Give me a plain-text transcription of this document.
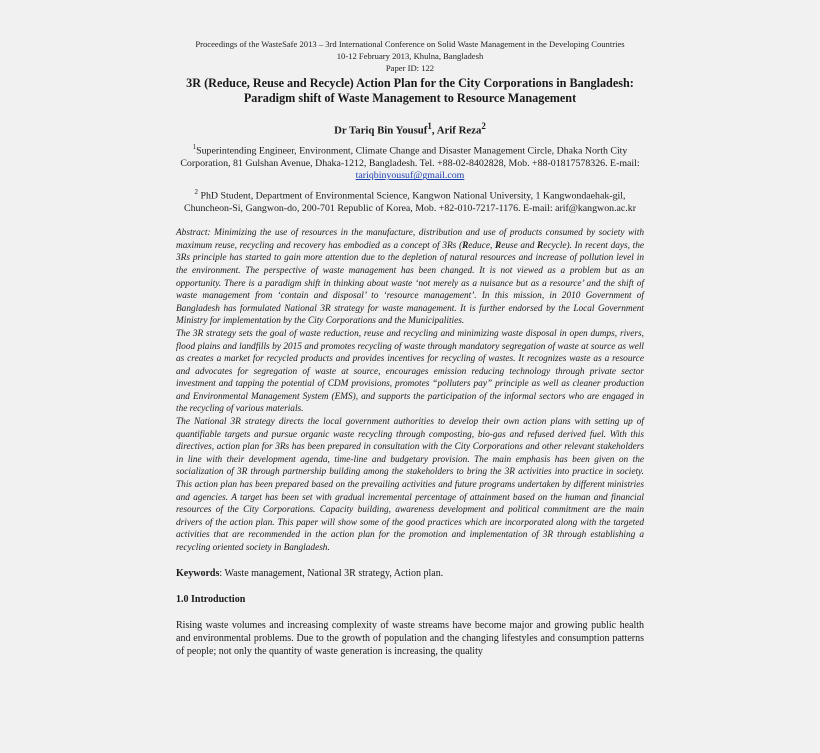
Proceedings of the WasteSafe 2013 – 3rd International Conference on Solid Waste Management in the Developing Countries
10-12 February 2013, Khulna, Bangladesh
Paper ID: 122
3R (Reduce, Reuse and Recycle) Action Plan for the City Corporations in Bangladesh:
Paradigm shift of Waste Management to Resource Management
Dr Tariq Bin Yousuf$^1$, Arif Reza$^2$
$^1$Superintending Engineer, Environment, Climate Change and Disaster Management Circle, Dhaka North City Corporation, 81 Gulshan Avenue, Dhaka-1212, Bangladesh. Tel. +88-02-8402828, Mob. +88-01817578326. E-mail: tariqbinyousuf@gmail.com
$^2$ PhD Student, Department of Environmental Science, Kangwon National University, 1 Kangwondaehak-gil, Chuncheon-Si, Gangwon-do, 200-701 Republic of Korea, Mob. +82-010-7217-1176. E-mail: arif@kangwon.ac.kr

Abstract: Minimizing the use of resources in the manufacture, distribution and use of products consumed by society with maximum reuse, recycling and recovery has embodied as a concept of 3Rs (Reduce, Reuse and Recycle). In recent days, the 3Rs principle has started to gain more attention due to the depletion of natural resources and increase of pollution level in the environment. The perspective of waste management has been changed. It is not viewed as a problem but as an opportunity. There is a paradigm shift in thinking about waste ‘not merely as a nuisance but as a resource’ and the shift of waste management from ‘contain and disposal’ to ‘resource management’. In this mission, in 2010 Government of Bangladesh has formulated National 3R strategy for waste management. It is further endorsed by the Local Government Ministry for implementation by the City Corporations and the Municipalities.

The 3R strategy sets the goal of waste reduction, reuse and recycling and minimizing waste disposal in open dumps, rivers, flood plains and landfills by 2015 and promotes recycling of waste through mandatory segregation of waste at source as well as creates a market for recycled products and provides incentives for recycling of wastes. It recognizes waste as a resource and advocates for segregation of waste at source, encourages emission reducing technology through private sector investment and tapping the potential of CDM provisions, promotes “polluters pay” principle as well as cleaner production and Environmental Management System (EMS), and supports the participation of the informal sectors who are engaged in the recycling of various materials.

The National 3R strategy directs the local government authorities to develop their own action plans with setting up of quantifiable targets and pursue organic waste recycling through composting, bio-gas and refused derived fuel. With this directives, action plan for 3Rs has been prepared in consultation with the City Corporations and other relevant stakeholders in line with their development agenda, time-line and budgetary provision. The main emphasis has been given on the socialization of 3R through partnership building among the stakeholders to bring the 3R activities into practice in society. This action plan has been prepared based on the prevailing activities and future programs undertaken by different ministries and agencies. A target has been set with gradual incremental percentage of attainment based on the human and financial resources of the City Corporations. Capacity building, awareness development and political commitment are the main drivers of the action plan. This paper will show some of the good practices which are incorporated along with the targeted activities that are recommended in the action plan for the promotion and implementation of 3R through establishing a recycling oriented society in Bangladesh.

Keywords: Waste management, National 3R strategy, Action plan.
1.0 Introduction
Rising waste volumes and increasing complexity of waste streams have become major and growing public health and environmental problems. Due to the growth of population and the changing lifestyles and consumption patterns of people; not only the quantity of waste generation is increasing, the quality
